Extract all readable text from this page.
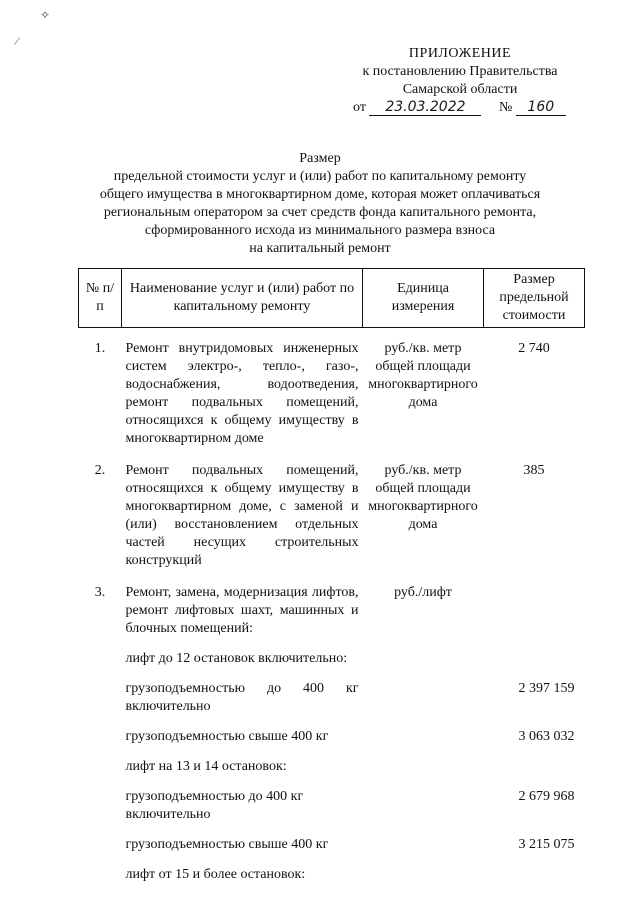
✧
⁄
ПРИЛОЖЕНИЕ
к постановлению Правительства
Самарской области
от 23.03.2022 № 160
Размер
предельной стоимости услуг и (или) работ по капитальному ремонту
общего имущества в многоквартирном доме, которая может оплачиваться
региональным оператором за счет средств фонда капитального ремонта,
сформированного исхода из минимального размера взноса
на капитальный ремонт
№ п/п	Наименование услуг и (или) работ по капитальному ремонту	Единица измерения	Размер предельной стоимости
1.	Ремонт внутридомовых инженерных систем электро-, тепло-, газо-, водоснабжения, водоотведения, ремонт подвальных помещений, относящихся к общему имуществу в многоквартирном доме	руб./кв. метр общей площади многоквартирного дома	2 740
2.	Ремонт подвальных помещений, относящихся к общему имуществу в многоквартирном доме, с заменой и (или) восстановлением отдельных частей несущих строительных конструкций	руб./кв. метр общей площади многоквартирного дома	385
3.	Ремонт, замена, модернизация лифтов, ремонт лифтовых шахт, машинных и блочных помещений:	руб./лифт	
	лифт до 12 остановок включительно:		
	грузоподъемностью до 400 кг включительно		2 397 159
	грузоподъемностью свыше 400 кг		3 063 032
	лифт на 13 и 14 остановок:		
	грузоподъемностью до 400 кг включительно		2 679 968
	грузоподъемностью свыше 400 кг		3 215 075
	лифт от 15 и более остановок:		
